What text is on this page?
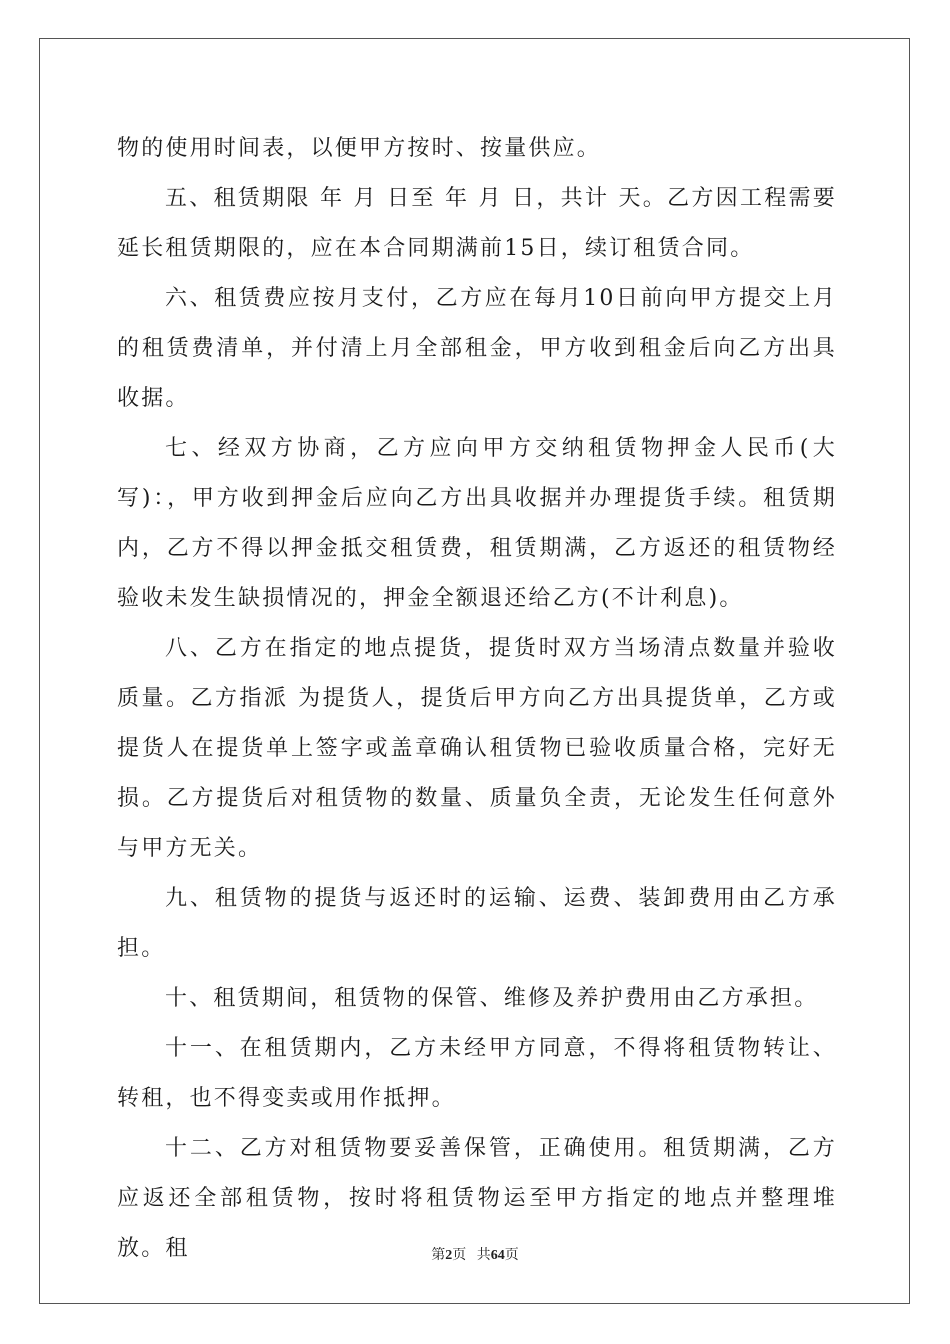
物的使用时间表，以便甲方按时、按量供应。

五、租赁期限 年 月 日至 年 月 日，共计 天。乙方因工程需要延长租赁期限的，应在本合同期满前15日，续订租赁合同。

六、租赁费应按月支付，乙方应在每月10日前向甲方提交上月的租赁费清单，并付清上月全部租金，甲方收到租金后向乙方出具收据。

七、经双方协商，乙方应向甲方交纳租赁物押金人民币(大写)：，甲方收到押金后应向乙方出具收据并办理提货手续。租赁期内，乙方不得以押金抵交租赁费，租赁期满，乙方返还的租赁物经验收未发生缺损情况的，押金全额退还给乙方(不计利息)。

八、乙方在指定的地点提货，提货时双方当场清点数量并验收质量。乙方指派 为提货人，提货后甲方向乙方出具提货单，乙方或提货人在提货单上签字或盖章确认租赁物已验收质量合格，完好无损。乙方提货后对租赁物的数量、质量负全责，无论发生任何意外与甲方无关。

九、租赁物的提货与返还时的运输、运费、装卸费用由乙方承担。

十、租赁期间，租赁物的保管、维修及养护费用由乙方承担。

十一、在租赁期内，乙方未经甲方同意，不得将租赁物转让、转租，也不得变卖或用作抵押。

十二、乙方对租赁物要妥善保管，正确使用。租赁期满，乙方应返还全部租赁物，按时将租赁物运至甲方指定的地点并整理堆放。租	第2页 共64页
